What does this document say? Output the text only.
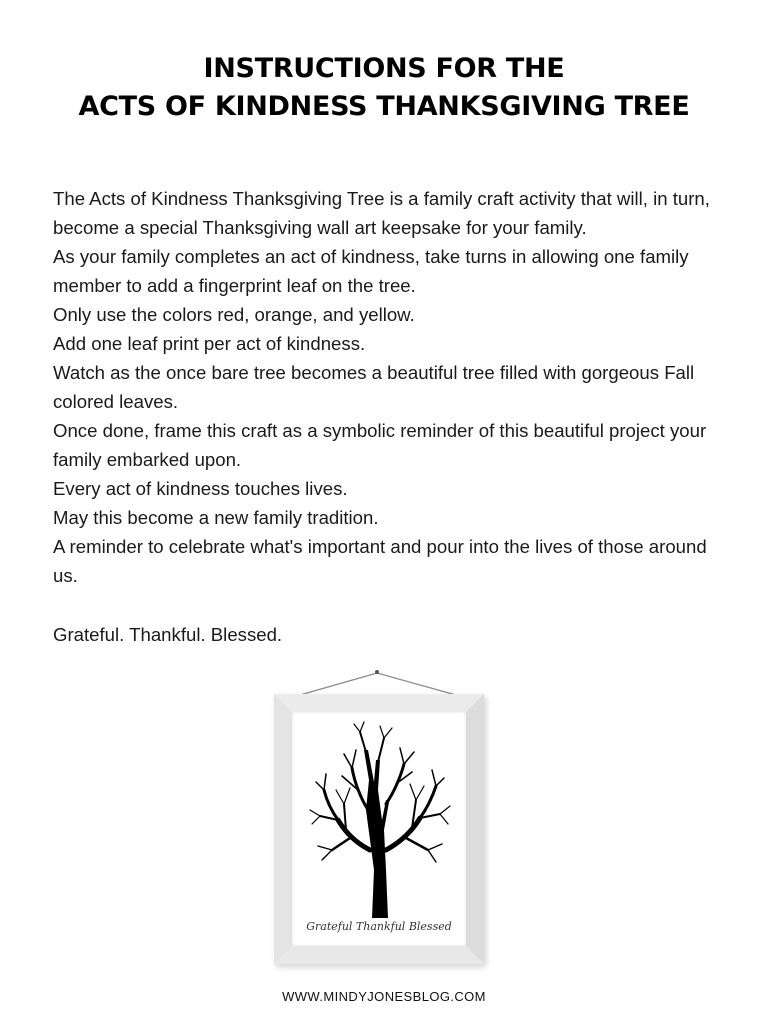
INSTRUCTIONS FOR THE
ACTS OF KINDNESS THANKSGIVING TREE

The Acts of Kindness Thanksgiving Tree is a family craft activity that will, in turn, become a special Thanksgiving wall art keepsake for your family.

As your family completes an act of kindness, take turns in allowing one family member to add a fingerprint leaf on the tree.

Only use the colors red, orange, and yellow.

Add one leaf print per act of kindness.

Watch as the once bare tree becomes a beautiful tree filled with gorgeous Fall colored leaves.

Once done, frame this craft as a symbolic reminder of this beautiful project your family embarked upon.

Every act of kindness touches lives.

May this become a new family tradition.

A reminder to celebrate what's important and pour into the lives of those around us.

Grateful. Thankful. Blessed.

Grateful Thankful Blessed

WWW.MINDYJONESBLOG.COM
